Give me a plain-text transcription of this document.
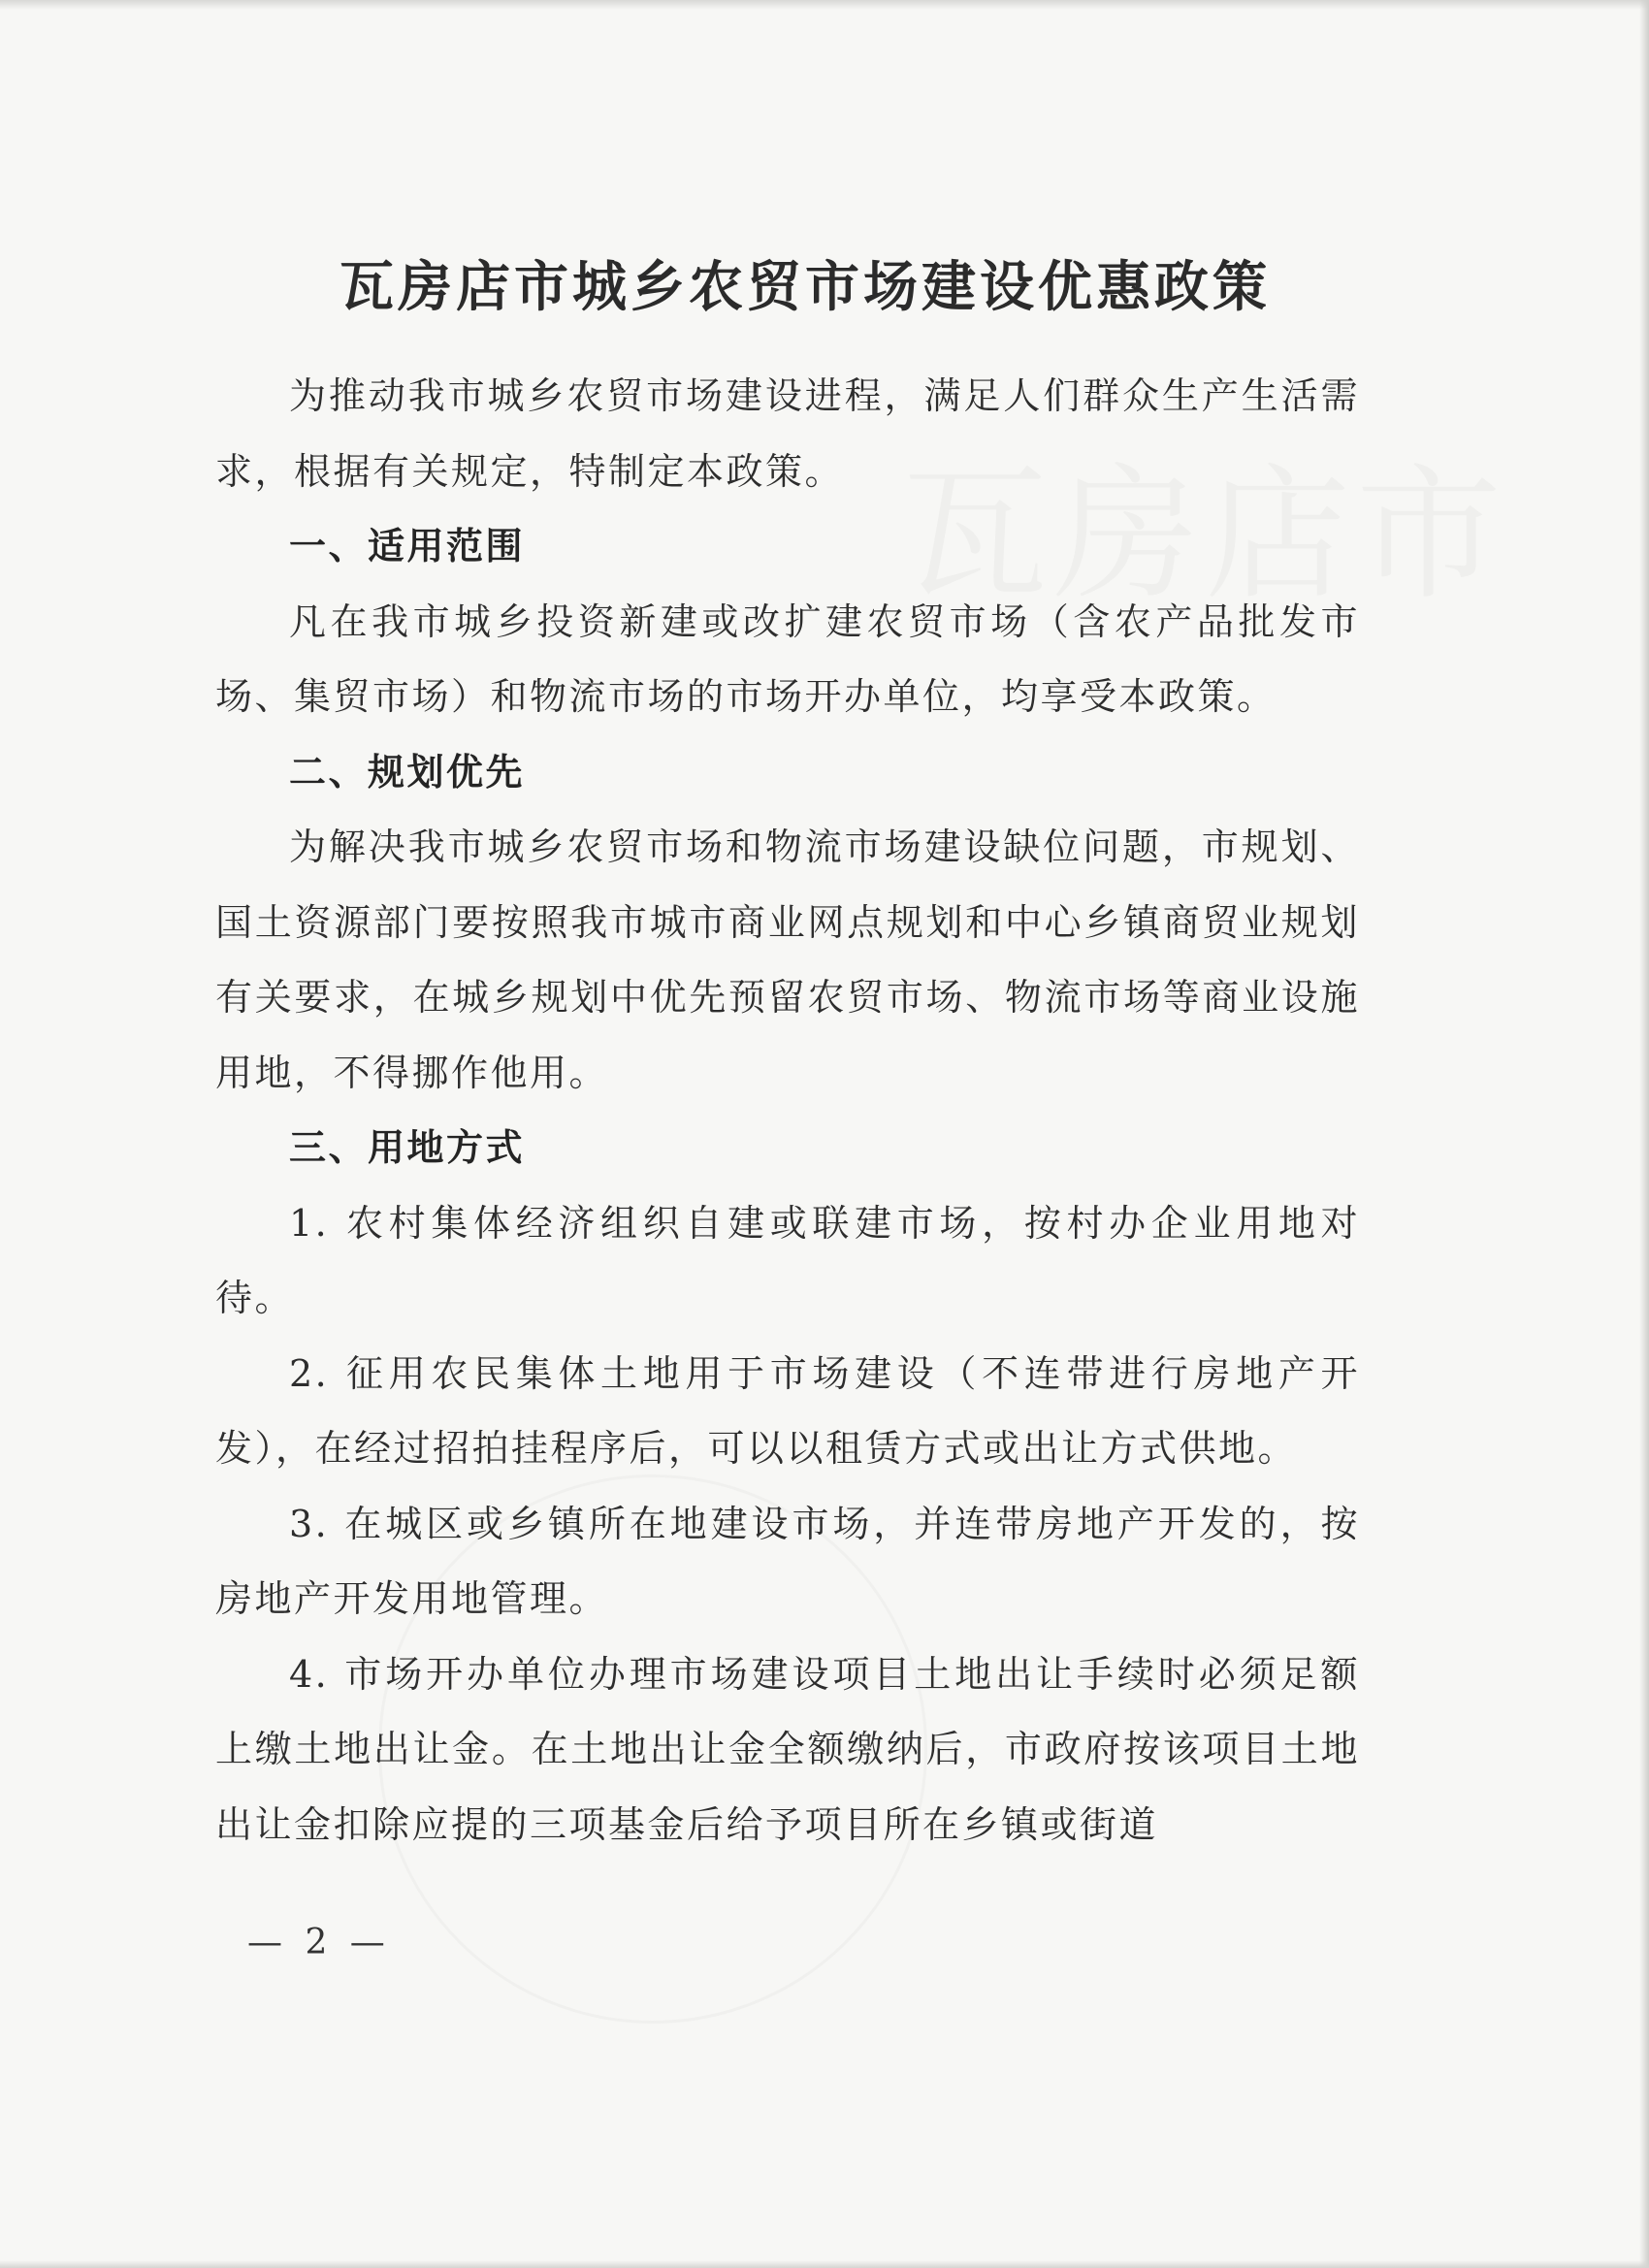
瓦房店市
瓦房店市城乡农贸市场建设优惠政策

为推动我市城乡农贸市场建设进程，满足人们群众生产生活需求，根据有关规定，特制定本政策。

一、适用范围

凡在我市城乡投资新建或改扩建农贸市场（含农产品批发市场、集贸市场）和物流市场的市场开办单位，均享受本政策。

二、规划优先

为解决我市城乡农贸市场和物流市场建设缺位问题，市规划、国土资源部门要按照我市城市商业网点规划和中心乡镇商贸业规划有关要求，在城乡规划中优先预留农贸市场、物流市场等商业设施用地，不得挪作他用。

三、用地方式

1. 农村集体经济组织自建或联建市场，按村办企业用地对待。

2. 征用农民集体土地用于市场建设（不连带进行房地产开发），在经过招拍挂程序后，可以以租赁方式或出让方式供地。

3. 在城区或乡镇所在地建设市场，并连带房地产开发的，按房地产开发用地管理。

4. 市场开办单位办理市场建设项目土地出让手续时必须足额上缴土地出让金。在土地出让金全额缴纳后，市政府按该项目土地出让金扣除应提的三项基金后给予项目所在乡镇或街道

— 2 —
